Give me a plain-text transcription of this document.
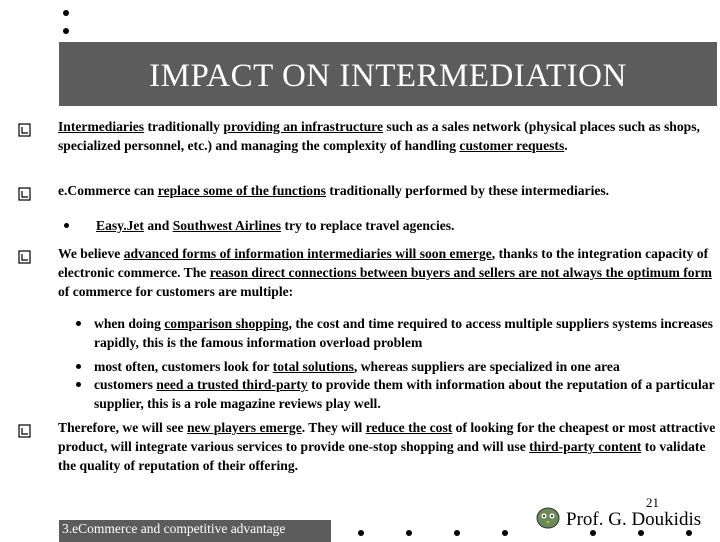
IMPACT ON INTERMEDIATION
Intermediaries traditionally providing an infrastructure such as a sales network (physical places such as shops, specialized personnel, etc.) and managing the complexity of handling customer requests.
e.Commerce can replace some of the functions traditionally performed by these intermediaries.
Easy.Jet and Southwest Airlines try to replace travel agencies.
We believe advanced forms of information intermediaries will soon emerge, thanks to the integration capacity of electronic commerce. The reason direct connections between buyers and sellers are not always the optimum form of commerce for customers are multiple:
when doing comparison shopping, the cost and time required to access multiple suppliers systems increases rapidly, this is the famous information overload problem
most often, customers look for total solutions, whereas suppliers are specialized in one area
customers need a trusted third-party to provide them with information about the reputation of a particular supplier, this is a role magazine reviews play well.
Therefore, we will see new players emerge. They will reduce the cost of looking for the cheapest or most attractive product, will integrate various services to provide one-stop shopping and will use third-party content to validate the quality of reputation of their offering.
21
3.eCommerce and competitive advantage	Prof. G. Doukidis
